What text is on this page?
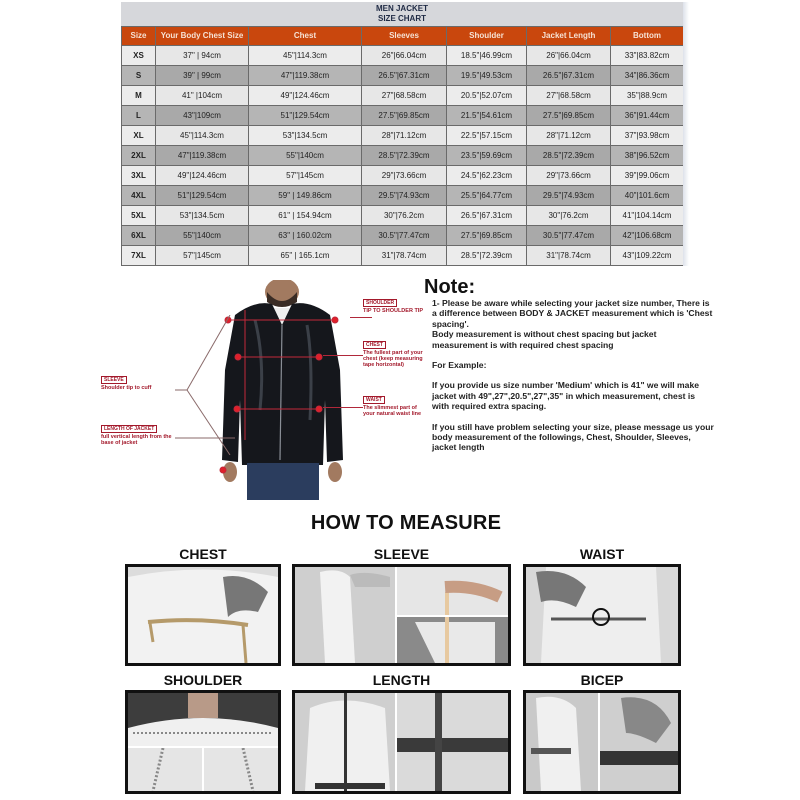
MEN JACKET
SIZE CHART
Size	Your Body Chest Size	Chest	Sleeves	Shoulder	Jacket Length	Bottom
XS	37" | 94cm	45"|114.3cm	26"|66.04cm	18.5"|46.99cm	26"|66.04cm	33"|83.82cm
S	39" | 99cm	47"|119.38cm	26.5"|67.31cm	19.5"|49.53cm	26.5"|67.31cm	34"|86.36cm
M	41" |104cm	49"|124.46cm	27"|68.58cm	20.5"|52.07cm	27"|68.58cm	35"|88.9cm
L	43"|109cm	51"|129.54cm	27.5"|69.85cm	21.5"|54.61cm	27.5"|69.85cm	36"|91.44cm
XL	45"|114.3cm	53"|134.5cm	28"|71.12cm	22.5"|57.15cm	28"|71.12cm	37"|93.98cm
2XL	47"|119.38cm	55"|140cm	28.5"|72.39cm	23.5"|59.69cm	28.5"|72.39cm	38"|96.52cm
3XL	49"|124.46cm	57"|145cm	29"|73.66cm	24.5"|62.23cm	29"|73.66cm	39"|99.06cm
4XL	51"|129.54cm	59" | 149.86cm	29.5"|74.93cm	25.5"|64.77cm	29.5"|74.93cm	40"|101.6cm
5XL	53"|134.5cm	61" | 154.94cm	30"|76.2cm	26.5"|67.31cm	30"|76.2cm	41"|104.14cm
6XL	55"|140cm	63" | 160.02cm	30.5"|77.47cm	27.5"|69.85cm	30.5"|77.47cm	42"|106.68cm
7XL	57"|145cm	65" | 165.1cm	31"|78.74cm	28.5"|72.39cm	31"|78.74cm	43"|109.22cm
SHOULDER
TIP TO SHOULDER TIP
CHEST
The fullest part of your chest (keep measuring tape horizontal)
WAIST
The slimmest part of your natural waist line
SLEEVE
Shoulder tip to cuff
LENGTH OF JACKET
full vertical length from the base of jacket
Note:

1- Please be aware while selecting your jacket size number, There is a difference between BODY & JACKET measurement which is 'Chest spacing'.

Body measurement is without chest spacing but jacket measurement is with required chest spacing

For Example:

If you provide us size number 'Medium' which is 41" we will make jacket with 49",27",20.5",27",35" in which measurement, chest is with required extra spacing.

If you still have problem selecting your size, please message us your body measurement of the followings, Chest, Shoulder, Sleeves, jacket length

HOW TO MEASURE
CHEST	SLEEVE	WAIST
SHOULDER	LENGTH	BICEP
